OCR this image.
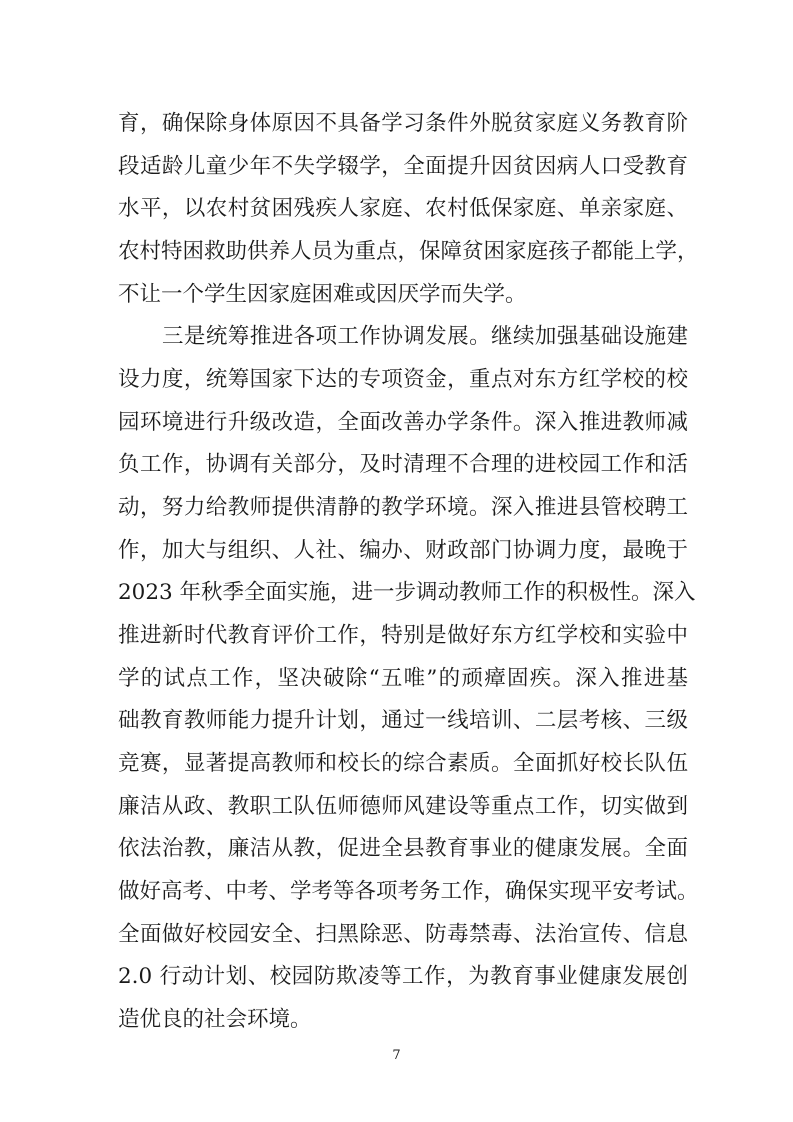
育，确保除身体原因不具备学习条件外脱贫家庭义务教育阶
段适龄儿童少年不失学辍学，全面提升因贫因病人口受教育
水平，以农村贫困残疾人家庭、农村低保家庭、单亲家庭、
农村特困救助供养人员为重点，保障贫困家庭孩子都能上学，
不让一个学生因家庭困难或因厌学而失学。
三是统筹推进各项工作协调发展。继续加强基础设施建
设力度，统筹国家下达的专项资金，重点对东方红学校的校
园环境进行升级改造，全面改善办学条件。深入推进教师减
负工作，协调有关部分，及时清理不合理的进校园工作和活
动，努力给教师提供清静的教学环境。深入推进县管校聘工
作，加大与组织、人社、编办、财政部门协调力度，最晚于
2023 年秋季全面实施，进一步调动教师工作的积极性。深入
推进新时代教育评价工作，特别是做好东方红学校和实验中
学的试点工作，坚决破除“五唯”的顽瘴固疾。深入推进基
础教育教师能力提升计划，通过一线培训、二层考核、三级
竞赛，显著提高教师和校长的综合素质。全面抓好校长队伍
廉洁从政、教职工队伍师德师风建设等重点工作，切实做到
依法治教，廉洁从教，促进全县教育事业的健康发展。全面
做好高考、中考、学考等各项考务工作，确保实现平安考试。
全面做好校园安全、扫黑除恶、防毒禁毒、法治宣传、信息
2.0 行动计划、校园防欺凌等工作，为教育事业健康发展创
造优良的社会环境。
7
